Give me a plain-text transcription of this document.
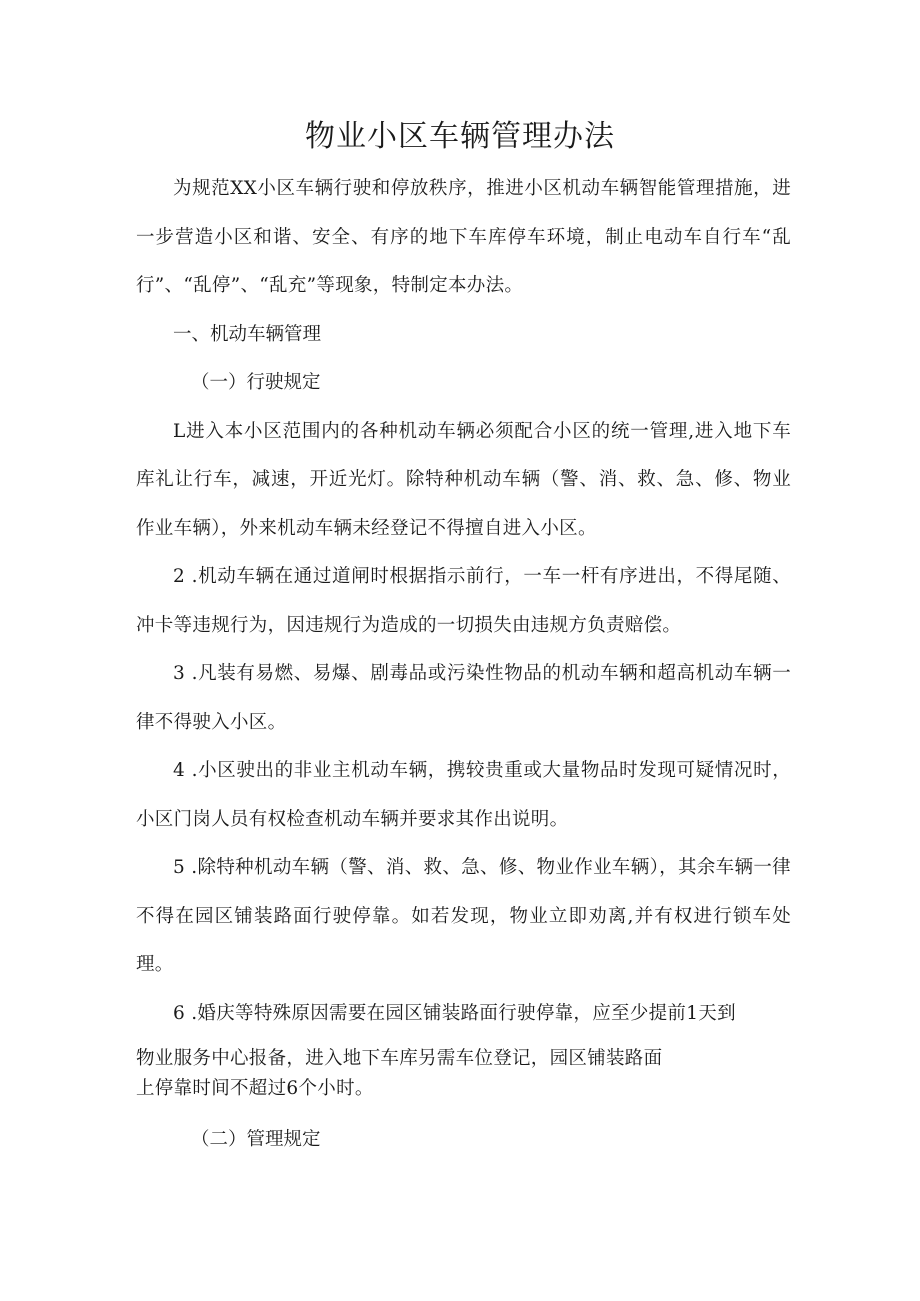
物业小区车辆管理办法

为规范XX小区车辆行驶和停放秩序，推进小区机动车辆智能管理措施，进一步营造小区和谐、安全、有序的地下车库停车环境，制止电动车自行车“乱行”、“乱停”、“乱充”等现象，特制定本办法。

一、机动车辆管理

（一）行驶规定

L进入本小区范围内的各种机动车辆必须配合小区的统一管理,进入地下车库礼让行车，减速，开近光灯。除特种机动车辆（警、消、救、急、修、物业作业车辆），外来机动车辆未经登记不得擅自进入小区。

2 .机动车辆在通过道闸时根据指示前行，一车一杆有序进出，不得尾随、冲卡等违规行为，因违规行为造成的一切损失由违规方负责赔偿。

3 .凡装有易燃、易爆、剧毒品或污染性物品的机动车辆和超高机动车辆一律不得驶入小区。

4 .小区驶出的非业主机动车辆，携较贵重或大量物品时发现可疑情况时，小区门岗人员有权检查机动车辆并要求其作出说明。

5 .除特种机动车辆（警、消、救、急、修、物业作业车辆），其余车辆一律不得在园区铺装路面行驶停靠。如若发现，物业立即劝离,并有权进行锁车处理。

6 .婚庆等特殊原因需要在园区铺装路面行驶停靠，应至少提前1天到

物业服务中心报备，进入地下车库另需车位登记，园区铺装路面
上停靠时间不超过6个小时。

（二）管理规定
